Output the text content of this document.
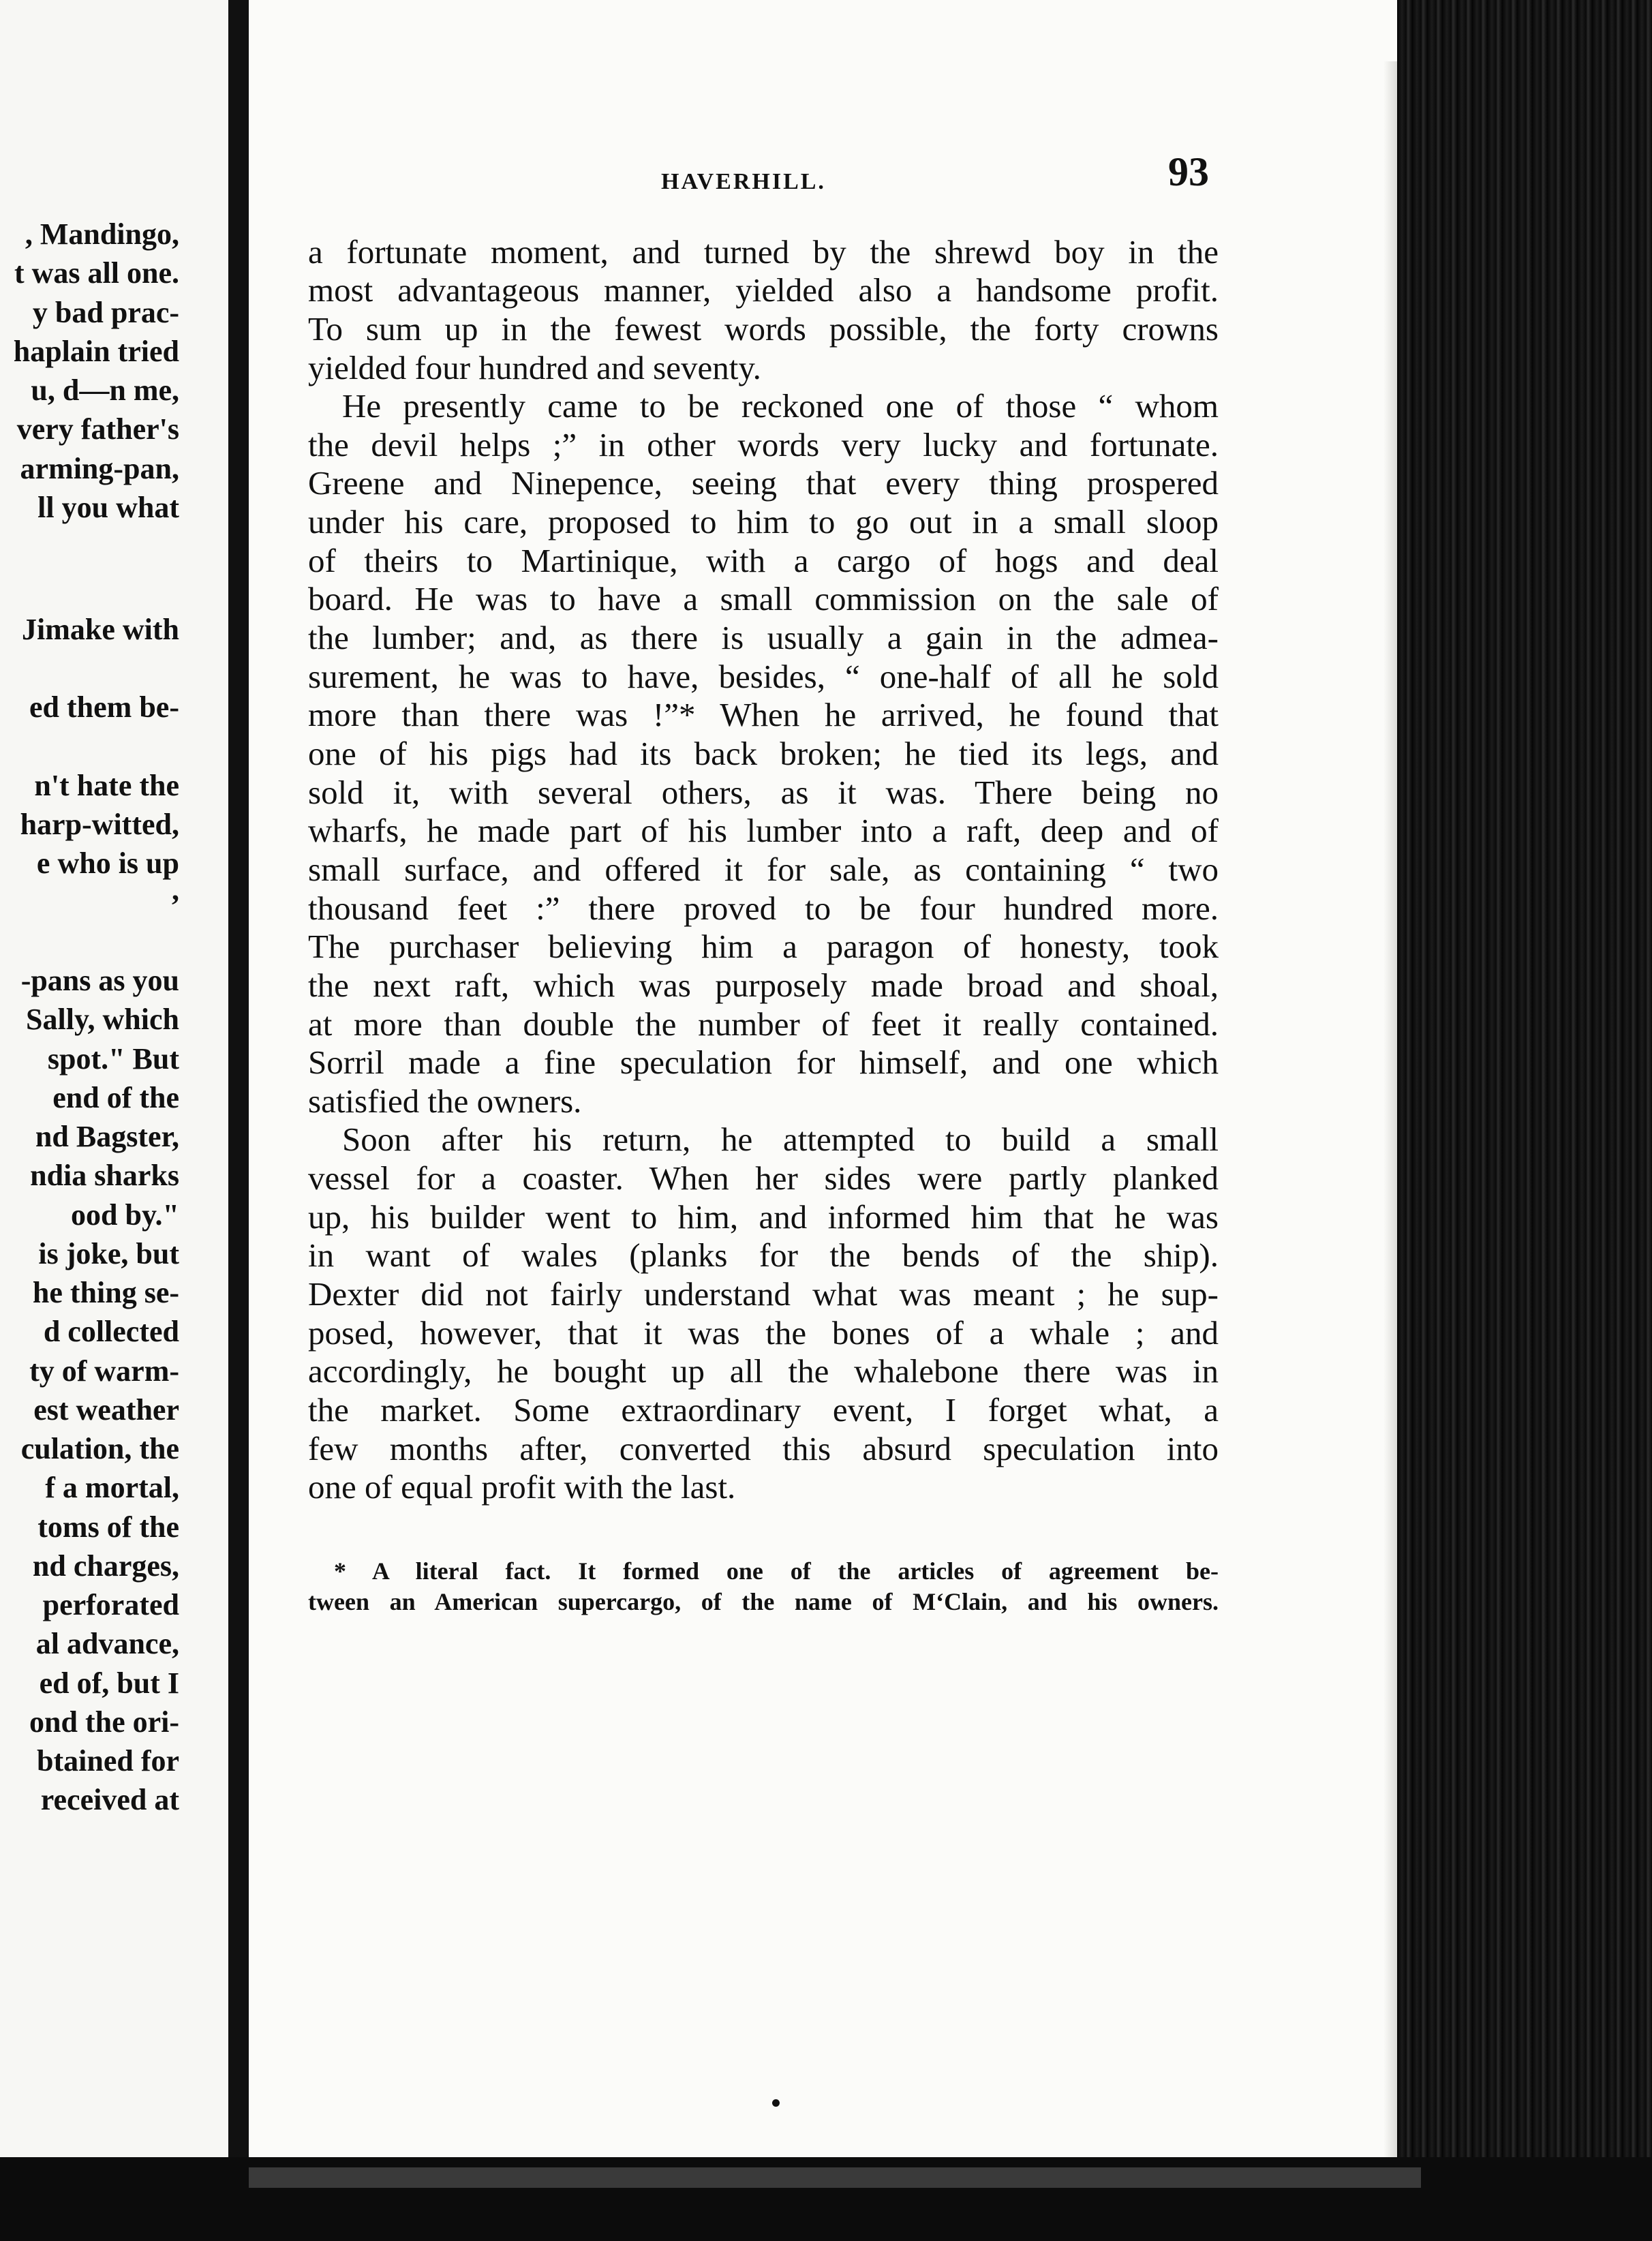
, Mandingo,
t was all one.
y bad prac-
haplain tried
u, d—n me,
very father's
arming-pan,
ll you what
Jimake with
ed them be-
n't hate the
harp-witted,
e who is up
,
-pans as you
Sally, which
spot." But
end of the
nd Bagster,
ndia sharks
ood by."
is joke, but
he thing se-
d collected
ty of warm-
est weather
culation, the
f a mortal,
toms of the
nd charges,
perforated
al advance,
ed of, but I
ond the ori-
btained for
received at
HAVERHILL.	93
a fortunate moment, and turned by the shrewd boy in the
most advantageous manner, yielded also a handsome profit.
To sum up in the fewest words possible, the forty crowns
yielded four hundred and seventy.
He presently came to be reckoned one of those “ whom
the devil helps ;” in other words very lucky and fortunate.
Greene and Ninepence, seeing that every thing prospered
under his care, proposed to him to go out in a small sloop
of theirs to Martinique, with a cargo of hogs and deal
board. He was to have a small commission on the sale of
the lumber; and, as there is usually a gain in the admea-
surement, he was to have, besides, “ one-half of all he sold
more than there was !”* When he arrived, he found that
one of his pigs had its back broken; he tied its legs, and
sold it, with several others, as it was. There being no
wharfs, he made part of his lumber into a raft, deep and of
small surface, and offered it for sale, as containing “ two
thousand feet :” there proved to be four hundred more.
The purchaser believing him a paragon of honesty, took
the next raft, which was purposely made broad and shoal,
at more than double the number of feet it really contained.
Sorril made a fine speculation for himself, and one which
satisfied the owners.
Soon after his return, he attempted to build a small
vessel for a coaster. When her sides were partly planked
up, his builder went to him, and informed him that he was
in want of wales (planks for the bends of the ship).
Dexter did not fairly understand what was meant ; he sup-
posed, however, that it was the bones of a whale ; and
accordingly, he bought up all the whalebone there was in
the market. Some extraordinary event, I forget what, a
few months after, converted this absurd speculation into
one of equal profit with the last.
* A literal fact. It formed one of the articles of agreement be-
tween an American supercargo, of the name of M‘Clain, and his owners.
